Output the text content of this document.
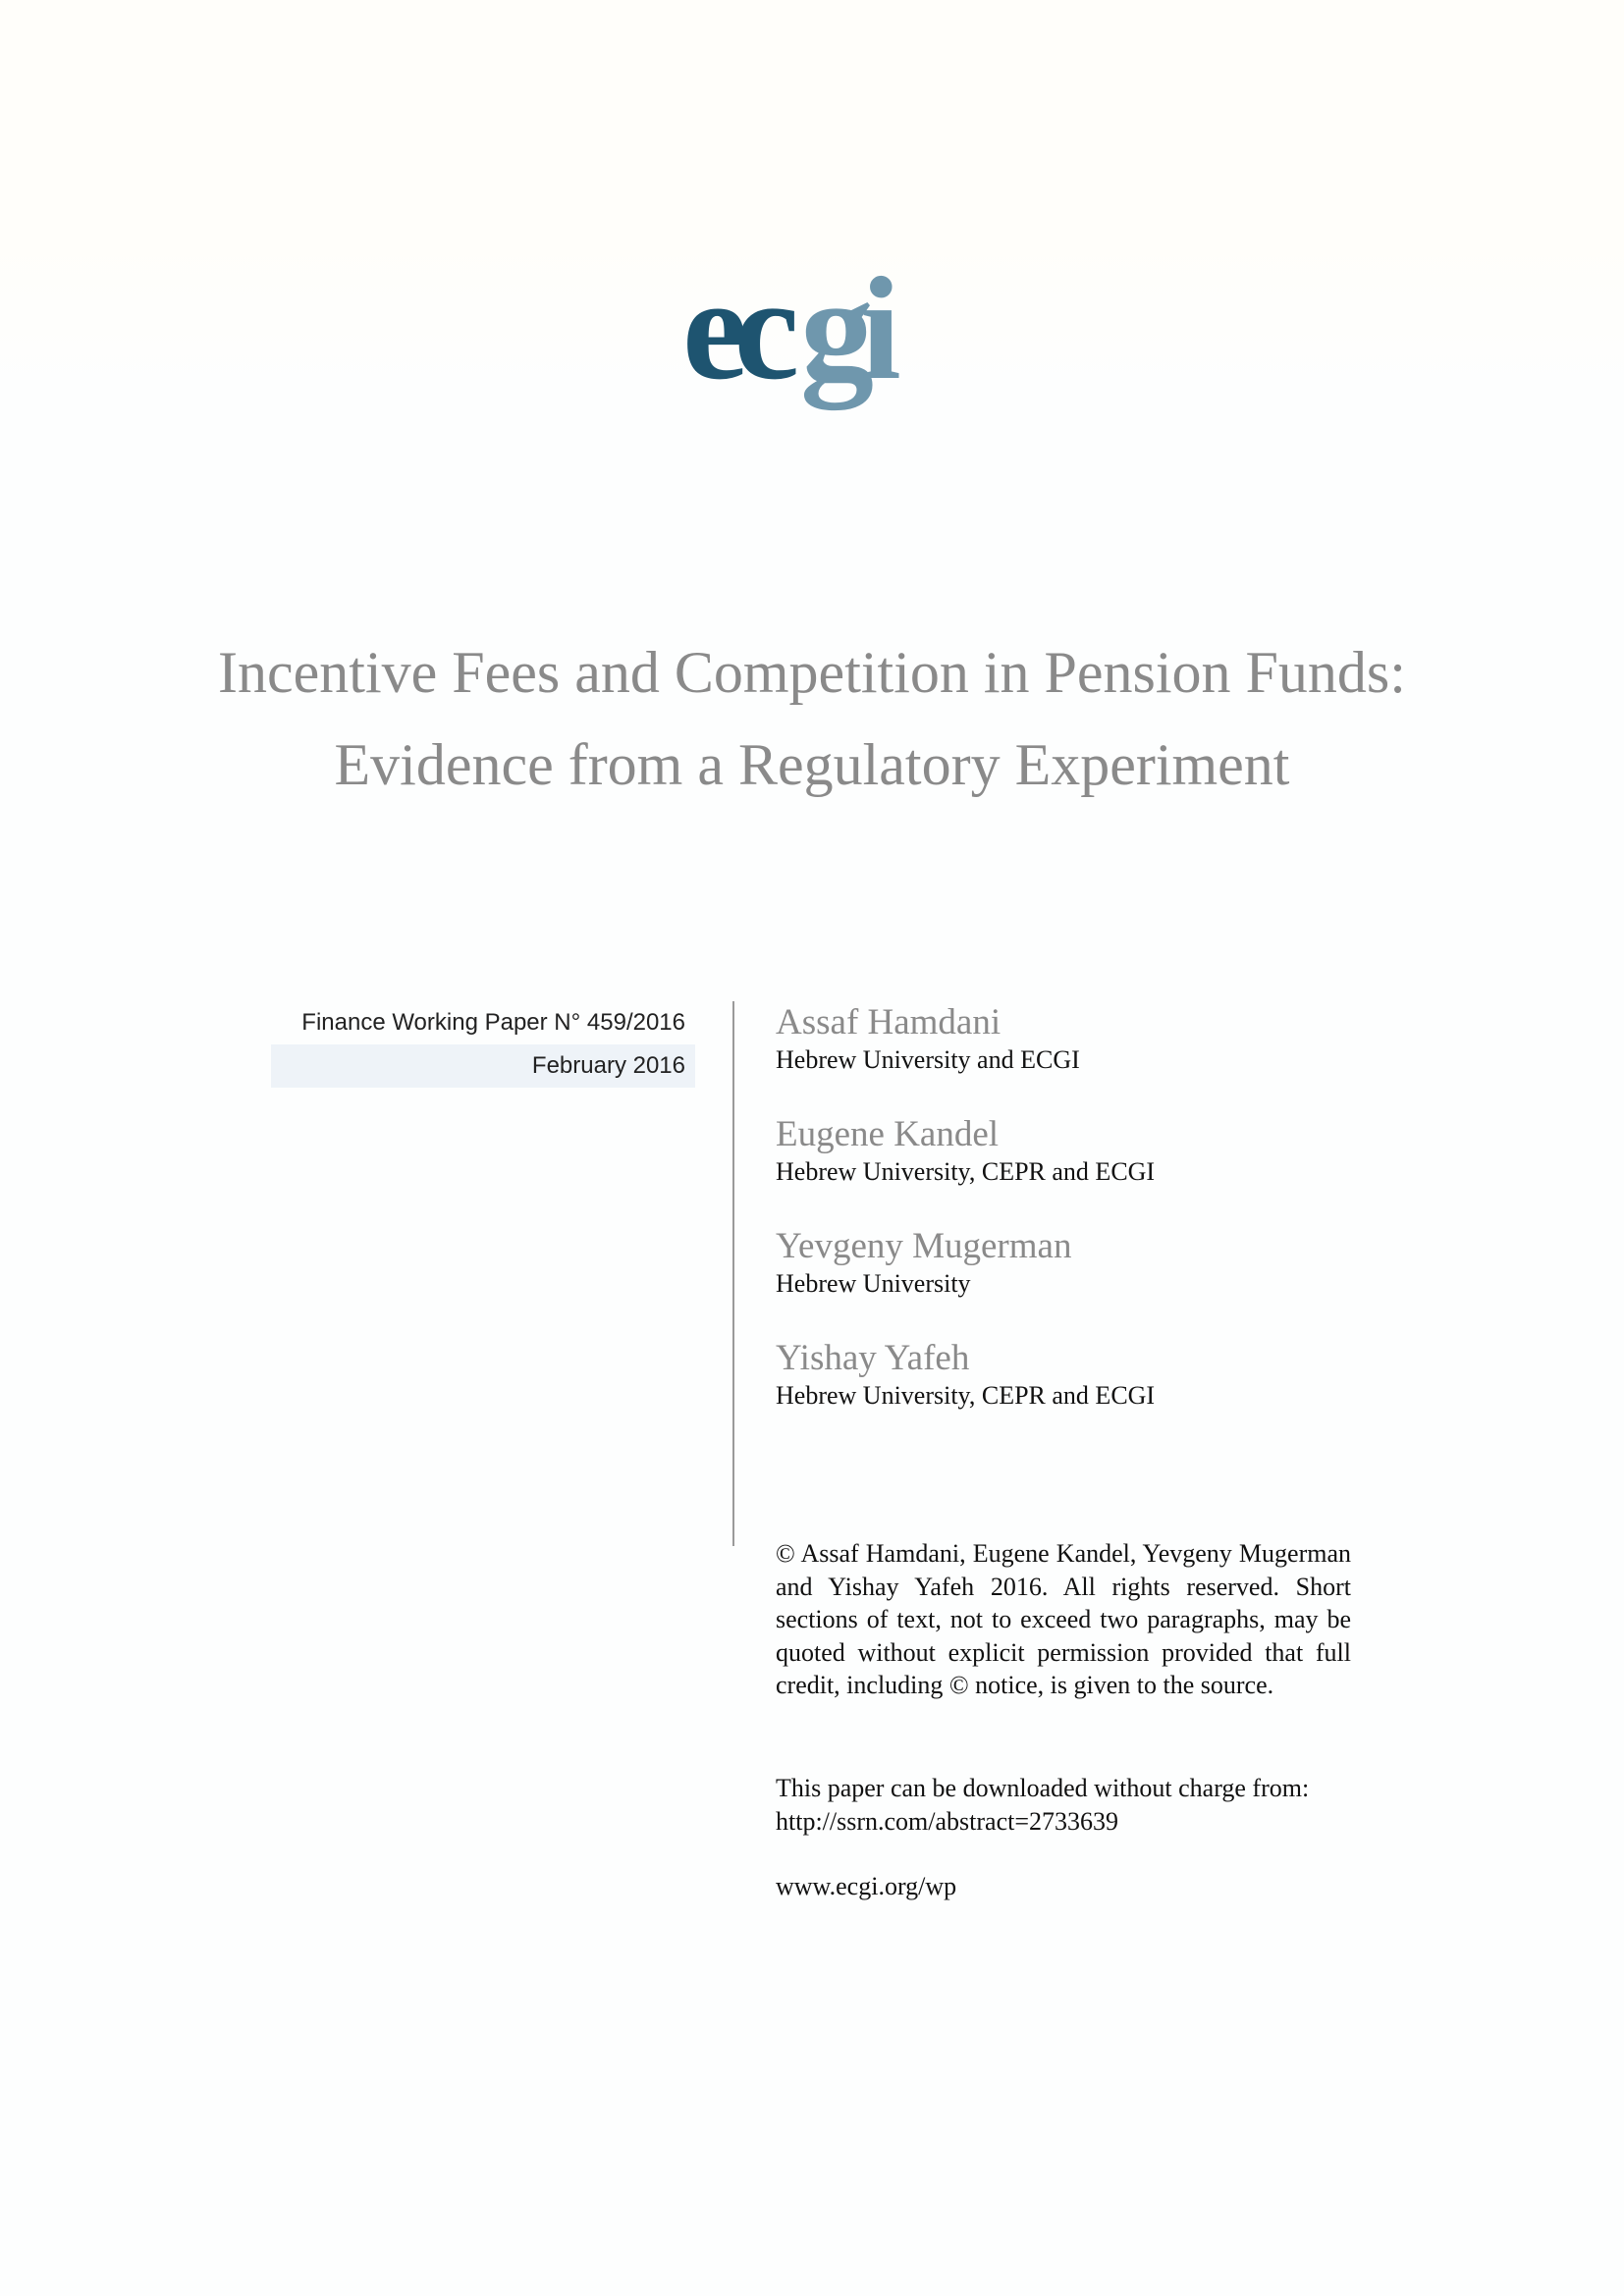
ec gi
Incentive Fees and Competition in Pension Funds:
Evidence from a Regulatory Experiment
Finance Working Paper N° 459/2016
February 2016
Assaf Hamdani
Hebrew University and ECGI
Eugene Kandel
Hebrew University, CEPR and ECGI
Yevgeny Mugerman
Hebrew University
Yishay Yafeh
Hebrew University, CEPR and ECGI

© Assaf Hamdani, Eugene Kandel, Yevgeny Mugerman and Yishay Yafeh 2016. All rights reserved. Short sections of text, not to exceed two paragraphs, may be quoted without explicit permission provided that full credit, including © notice, is given to the source.

This paper can be downloaded without charge from:
http://ssrn.com/abstract=2733639

www.ecgi.org/wp
